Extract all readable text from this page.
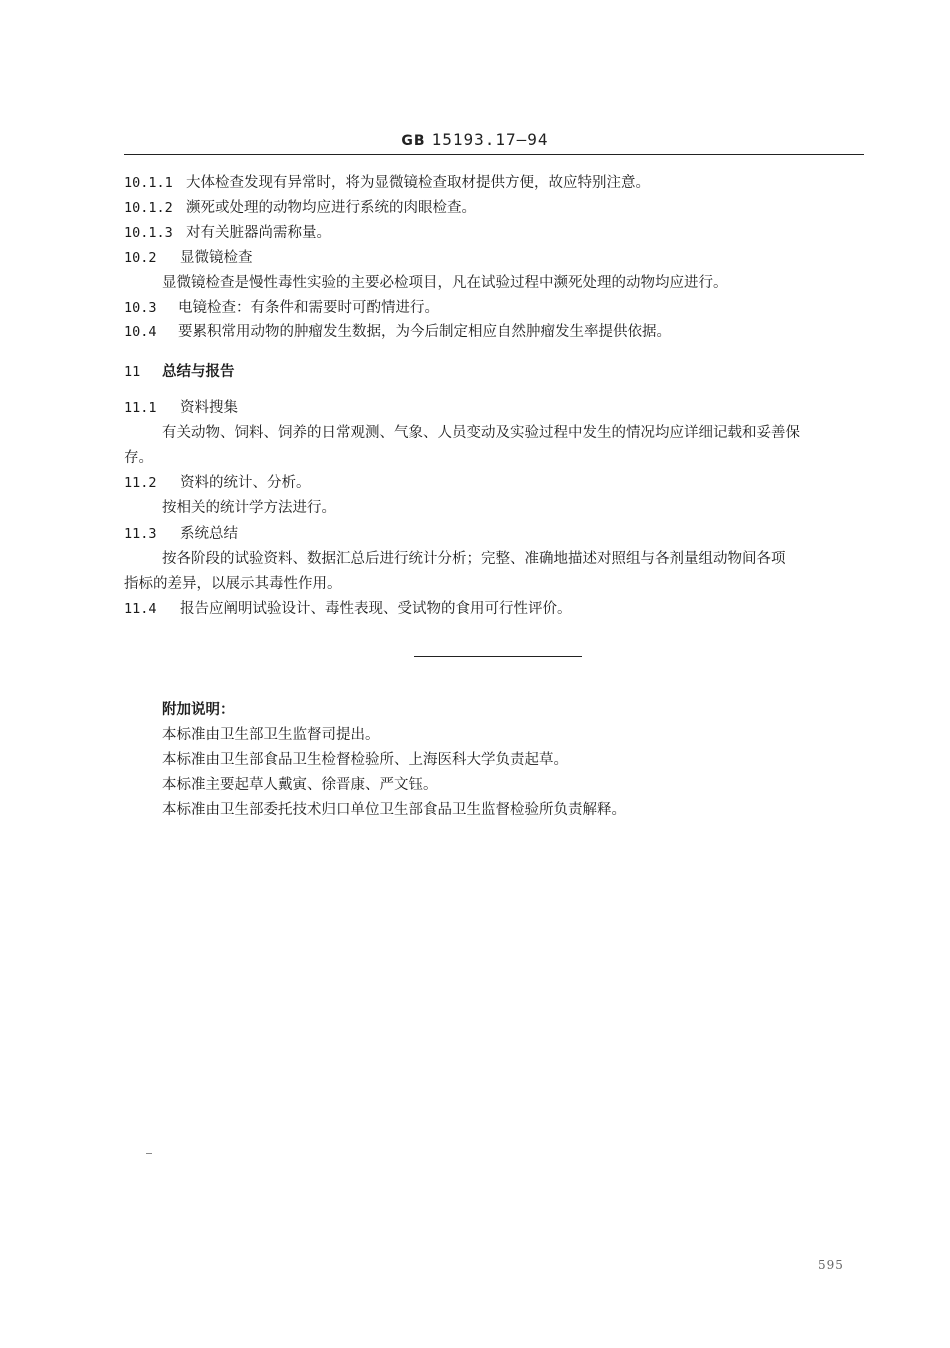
GB 15193.17—94
10.1.1 大体检查发现有异常时，将为显微镜检查取材提供方便，故应特别注意。
10.1.2 濒死或处理的动物均应进行系统的肉眼检查。
10.1.3 对有关脏器尚需称量。
10.2 显微镜检查
显微镜检查是慢性毒性实验的主要必检项目，凡在试验过程中濒死处理的动物均应进行。
10.3 电镜检查：有条件和需要时可酌情进行。
10.4 要累积常用动物的肿瘤发生数据，为今后制定相应自然肿瘤发生率提供依据。
11 总结与报告
11.1 资料搜集
有关动物、饲料、饲养的日常观测、气象、人员变动及实验过程中发生的情况均应详细记载和妥善保
存。
11.2 资料的统计、分析。
按相关的统计学方法进行。
11.3 系统总结
按各阶段的试验资料、数据汇总后进行统计分析；完整、准确地描述对照组与各剂量组动物间各项
指标的差异，以展示其毒性作用。
11.4 报告应阐明试验设计、毒性表现、受试物的食用可行性评价。
附加说明：
本标准由卫生部卫生监督司提出。
本标准由卫生部食品卫生检督检验所、上海医科大学负责起草。
本标准主要起草人戴寅、徐晋康、严文钰。
本标准由卫生部委托技术归口单位卫生部食品卫生监督检验所负责解释。
595
